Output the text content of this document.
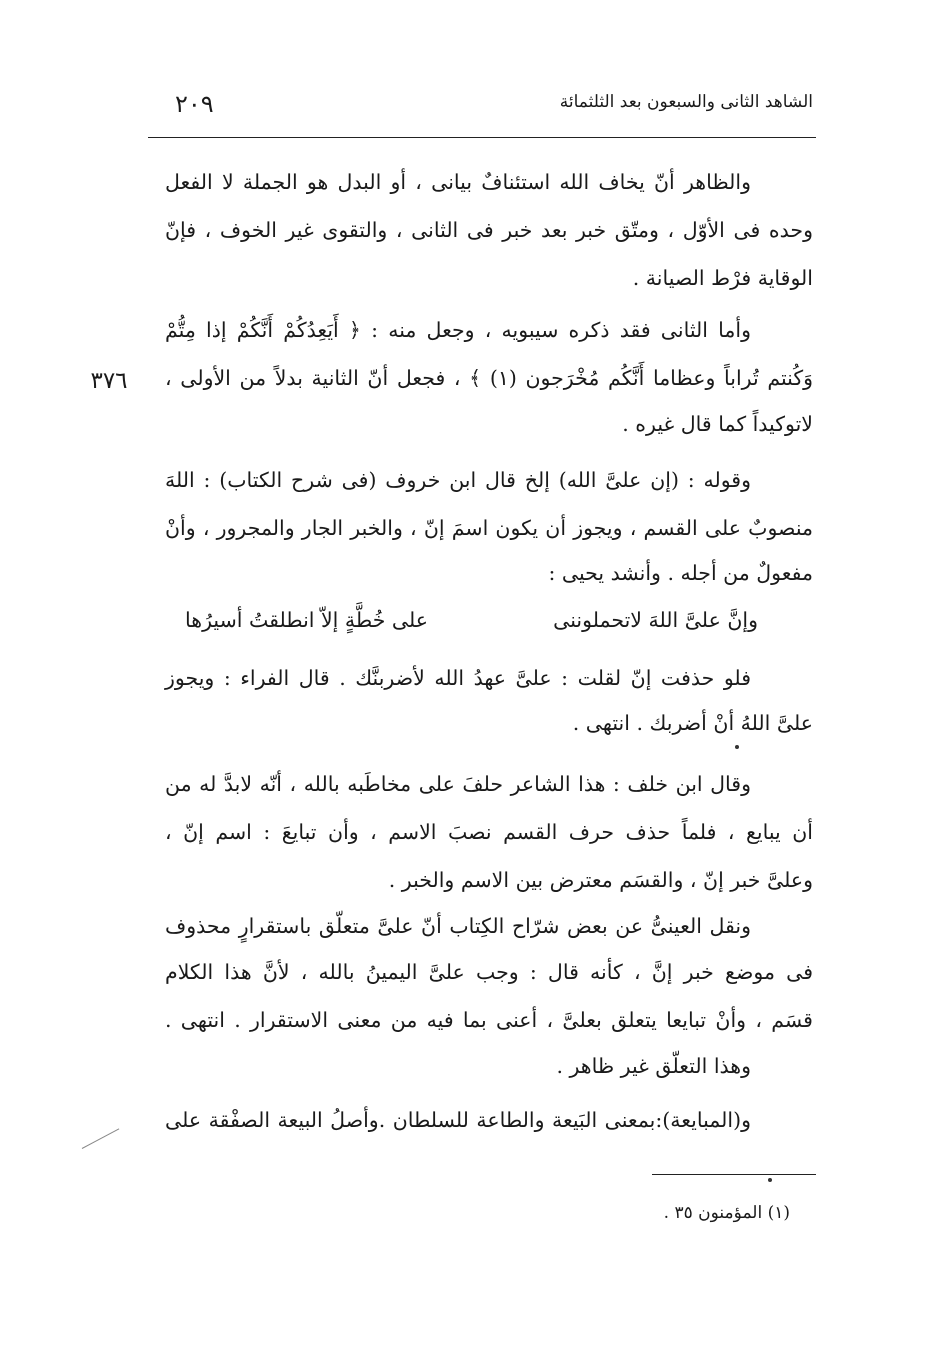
الشاهد الثانى والسبعون بعد الثلثمائة
٢٠٩
٣٧٦
والظاهر أنّ يخاف الله استئنافٌ بيانى ، أو البدل هو الجملة لا الفعل
وحده فى الأوّل ، ومتّق خبر بعد خبر فى الثانى ، والتقوى غير الخوف ، فإنّ
الوقاية فرْط الصيانة .
وأما الثانى فقد ذكره سيبويه ، وجعل منه : ﴿ أَيَعِدُكُمْ أَنَّكُمْ إذا مِتُّمْ
وَكُنتم تُراباً وعظاما أَنَّكُم مُخْرَجون (١) ﴾ ، فجعل أنّ الثانية بدلاً من الأولى ،
لاتوكيداً كما قال غيره .
وقوله : (إن علىَّ الله) إلخ قال ابن خروف (فى شرح الكتاب) : اللهَ
منصوبٌ على القسم ، ويجوز أن يكون اسمَ إنّ ، والخبر الجار والمجرور ، وأنْ
مفعولٌ من أجله . وأنشد يحيى :
وإنَّ علىَّ اللهَ لاتحملوننى
على خُطَّةٍ إلاّ انطلقتُ أسيرُها
فلو حذفت إنّ لقلت : علىَّ عهدُ الله لأضربنَّك . قال الفراء : ويجوز
علىَّ اللهُ أنْ أضربك . انتهى .
وقال ابن خلف : هذا الشاعر حلفَ على مخاطَبه بالله ، أنّه لابدَّ له من
أن يبايع ، فلماً حذف حرف القسم نصبَ الاسم ، وأن تبايعَ : اسم إنّ ،
وعلىَّ خبر إنّ ، والقسَم معترض بين الاسم والخبر .
ونقل العينىُّ عن بعض شرّاح الكِتاب أنّ علىَّ متعلّق باستقرارٍ محذوف
فى موضع خبر إنَّ ، كأنه قال : وجب علىَّ اليمينُ بالله ، لأنَّ هذا الكلام
قسَم ، وأنْ تبايعا يتعلق بعلىَّ ، أعنى بما فيه من معنى الاستقرار . انتهى .
وهذا التعلّق غير ظاهر .
و(المبايعة):بمعنى البَيعة والطاعة للسلطان .وأصلُ البيعة الصفْقة على
(١) المؤمنون ٣٥ .
